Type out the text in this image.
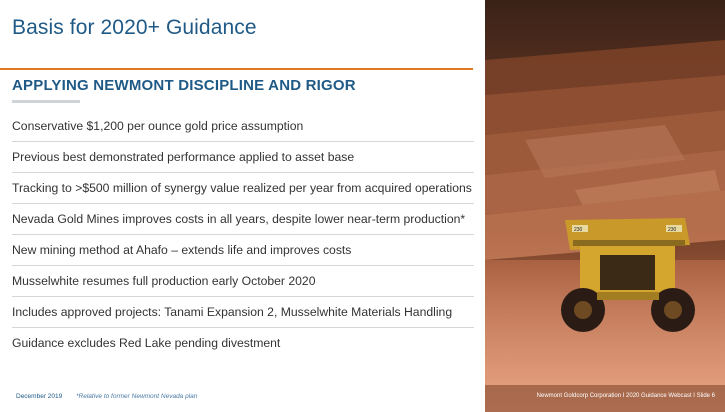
Basis for 2020+ Guidance
APPLYING NEWMONT DISCIPLINE AND RIGOR
Conservative $1,200 per ounce gold price assumption
Previous best demonstrated performance applied to asset base
Tracking to >$500 million of synergy value realized per year from acquired operations
Nevada Gold Mines improves costs in all years, despite lower near-term production*
New mining method at Ahafo – extends life and improves costs
Musselwhite resumes full production early October 2020
Includes approved projects: Tanami Expansion 2, Musselwhite Materials Handling
Guidance excludes Red Lake pending divestment
December 2019 *Relative to former Newmont Nevada plan
230	230
Newmont Goldcorp Corporation I 2020 Guidance Webcast I Slide 6
